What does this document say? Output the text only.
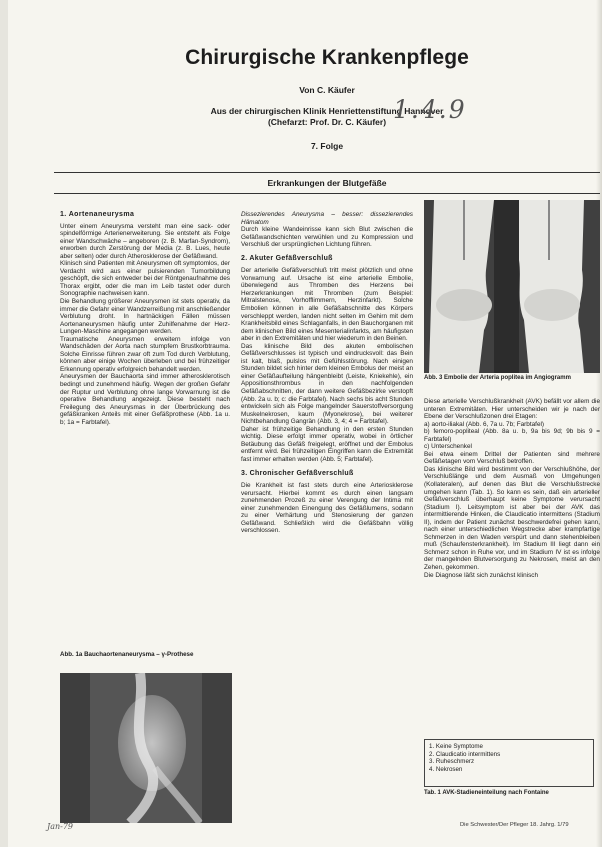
Chirurgische Krankenpflege
Von C. Käufer
Aus der chirurgischen Klinik Henriettenstiftung Hannover
(Chefarzt: Prof. Dr. C. Käufer)
7. Folge
1.4.9
Erkrankungen der Blutgefäße
1. Aortenaneurysma

Unter einem Aneurysma versteht man eine sack- oder spindelförmige Arterienerweiterung. Sie entsteht als Folge einer Wandschwäche – angeboren (z. B. Marfan-Syndrom), erworben durch Zerstörung der Media (z. B. Lues, heute aber selten) oder durch Atherosklerose der Gefäßwand.

Klinisch sind Patienten mit Aneurysmen oft symptomlos, der Verdacht wird aus einer pulsierenden Tumorbildung geschöpft, die sich entweder bei der Röntgenaufnahme des Thorax ergibt, oder die man im Leib tastet oder durch Sonographie nachweisen kann.

Die Behandlung größerer Aneurysmen ist stets operativ, da immer die Gefahr einer Wandzerreißung mit anschließender Verblutung droht. In hartnäckigen Fällen müssen Aortenaneurysmen häufig unter Zuhilfenahme der Herz-Lungen-Maschine angegangen werden.

Traumatische Aneurysmen erweitern infolge von Wandschäden der Aorta nach stumpfem Brustkorbtrauma. Solche Einrisse führen zwar oft zum Tod durch Verblutung, können aber einige Wochen überleben und bei frühzeitiger Erkennung operativ erfolgreich behandelt werden.

Aneurysmen der Bauchaorta sind immer atherosklerotisch bedingt und zunehmend häufig. Wegen der großen Gefahr der Ruptur und Verblutung ohne lange Vorwarnung ist die operative Behandlung angezeigt. Diese besteht nach Freilegung des Aneurysmas in der Überbrückung des gefäßkranken Anteils mit einer Gefäßprothese (Abb. 1a u. b; 1a = Farbtafel).

Abb. 1a Bauchaortenaneurysma – γ-Prothese

Dissezierendes Aneurysma – besser: dissezierendes Hämatom

Durch kleine Wandeinrisse kann sich Blut zwischen die Gefäßwandschichten verwühlen und zu Kompression und Verschluß der ursprünglichen Lichtung führen.

2. Akuter Gefäßverschluß

Der arterielle Gefäßverschluß tritt meist plötzlich und ohne Vorwarnung auf. Ursache ist eine arterielle Embolie, überwiegend aus Thromben des Herzens bei Herzerkrankungen mit Thromben (zum Beispiel: Mitralstenose, Vorhofflimmern, Herzinfarkt). Solche Embolien können in alle Gefäßabschnitte des Körpers verschleppt werden, landen nicht selten im Gehirn mit dem Krankheitsbild eines Schlaganfalls, in den Bauchorganen mit dem klinischen Bild eines Mesenterialinfarkts, am häufigsten aber in den Extremitäten und hier wiederum in den Beinen.

Das klinische Bild des akuten embolischen Gefäßverschlusses ist typisch und eindrucksvoll: das Bein ist kalt, blaß, pulslos mit Gefühlsstörung. Nach einigen Stunden bildet sich hinter dem kleinen Embolus der meist an einer Gefäßaufteilung hängenbleibt (Leiste, Kniekehle), ein Appositionsthrombus in den nachfolgenden Gefäßabschnitten, der dann weitere Gefäßbezirke verstopft (Abb. 2a u. b; c: die Farbtafel). Nach sechs bis acht Stunden entwickeln sich als Folge mangelnder Sauerstoffversorgung Muskelnekrosen, kaum (Myonekrose), bei weiterer Nichtbehandlung Gangrän (Abb. 3, 4; 4 = Farbtafel).

Daher ist frühzeitige Behandlung in den ersten Stunden wichtig. Diese erfolgt immer operativ, wobei in örtlicher Betäubung das Gefäß freigelegt, eröffnet und der Embolus entfernt wird. Bei frühzeitigen Eingriffen kann die Extremität fast immer erhalten werden (Abb. 5; Farbtafel).

3. Chronischer Gefäßverschluß

Die Krankheit ist fast stets durch eine Arteriosklerose verursacht. Hierbei kommt es durch einen langsam zunehmenden Prozeß zu einer Verengung der Intima mit einer zunehmenden Einengung des Gefäßlumens, sodann zu einer Verhärtung und Stenosierung der ganzen Gefäßwand. Schließlich wird die Gefäßbahn völlig verschlossen.

Abb. 3 Embolie der Arteria poplitea im Angiogramm

Diese arterielle Verschlußkrankheit (AVK) befällt vor allem die unteren Extremitäten. Hier unterscheiden wir je nach der Ebene der Verschlußzonen drei Etagen:

a) aorto-iliakal (Abb. 6, 7a u. 7b; Farbtafel)

b) femoro-popliteal (Abb. 8a u. b, 9a bis 9d; 9b bis 9 = Farbtafel)

c) Unterschenkel

Bei etwa einem Drittel der Patienten sind mehrere Gefäßetagen vom Verschluß betroffen.

Das klinische Bild wird bestimmt von der Verschlußhöhe, der Verschlußlänge und dem Ausmaß von Umgehungen (Kollateralen), auf denen das Blut die Verschlußstrecke umgehen kann (Tab. 1). So kann es sein, daß ein arterieller Gefäßverschluß überhaupt keine Symptome verursacht (Stadium I). Leitsymptom ist aber bei der AVK das intermittierende Hinken, die Claudicatio intermittens (Stadium II), indem der Patient zunächst beschwerdefrei gehen kann, nach einer unterschiedlichen Wegstrecke aber krampfartige Schmerzen in den Waden verspürt und dann stehenbleiben muß (Schaufensterkrankheit). Im Stadium III liegt dann ein Schmerz schon in Ruhe vor, und im Stadium IV ist es infolge der mangelnden Blutversorgung zu Nekrosen, meist an den Zehen, gekommen.

Die Diagnose läßt sich zunächst klinisch

1. Keine Symptome
2. Claudicatio intermittens
3. Ruheschmerz
4. Nekrosen
Tab. 1 AVK-Stadieneinteilung nach Fontaine
Jan-79	Die Schwester/Der Pfleger 18. Jahrg. 1/79
